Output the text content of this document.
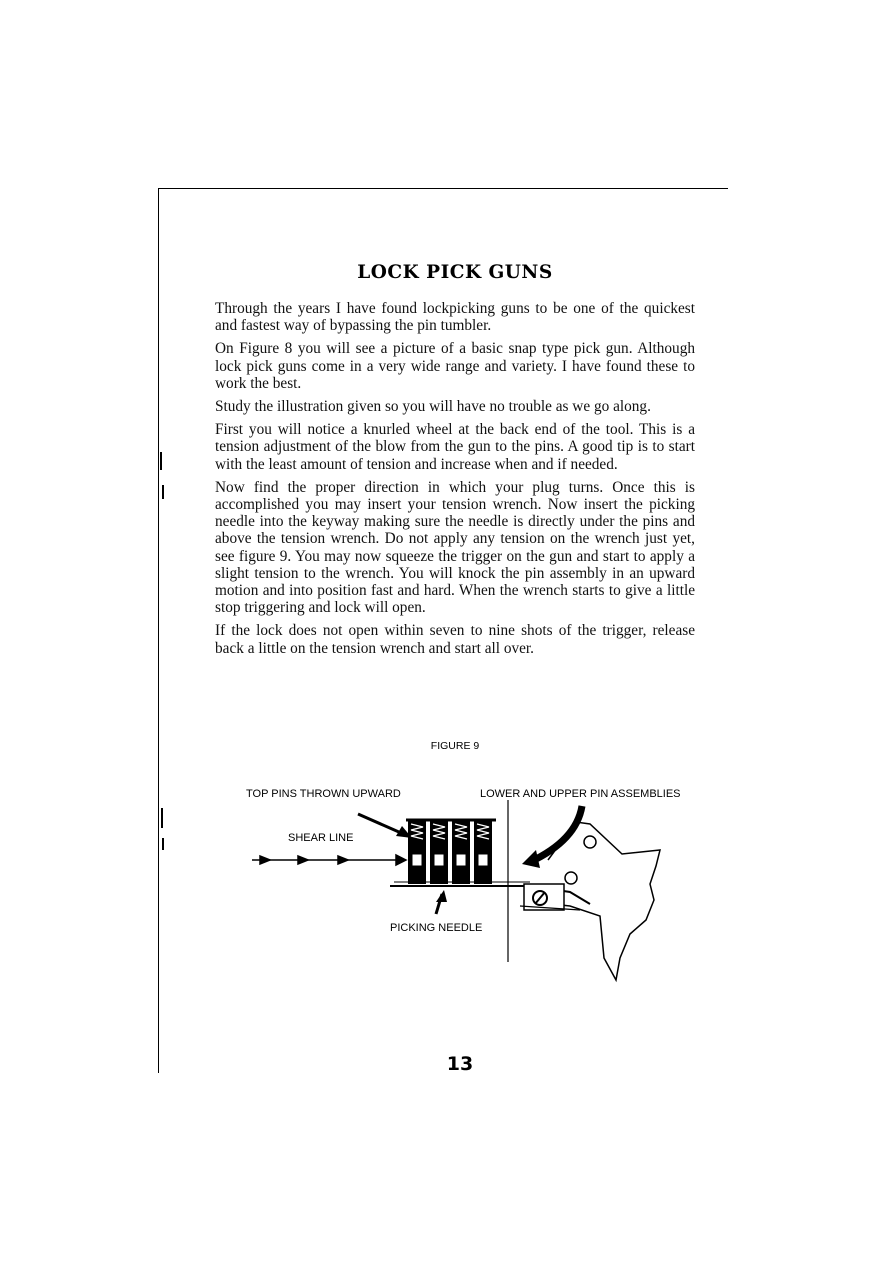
LOCK PICK GUNS

Through the years I have found lockpicking guns to be one of the quickest and fastest way of bypassing the pin tumbler.

On Figure 8 you will see a picture of a basic snap type pick gun. Although lock pick guns come in a very wide range and variety. I have found these to work the best.

Study the illustration given so you will have no trouble as we go along.

First you will notice a knurled wheel at the back end of the tool. This is a tension adjustment of the blow from the gun to the pins. A good tip is to start with the least amount of tension and increase when and if needed.

Now find the proper direction in which your plug turns. Once this is accomplished you may insert your tension wrench. Now insert the picking needle into the keyway making sure the needle is directly under the pins and above the tension wrench. Do not apply any tension on the wrench just yet, see figure 9. You may now squeeze the trigger on the gun and start to apply a slight tension to the wrench. You will knock the pin assembly in an upward motion and into position fast and hard. When the wrench starts to give a little stop triggering and lock will open.

If the lock does not open within seven to nine shots of the trigger, release back a little on the tension wrench and start all over.

FIGURE 9
TOP PINS THROWN UPWARD	LOWER AND UPPER PIN ASSEMBLIES
SHEAR LINE
PICKING NEEDLE
13
